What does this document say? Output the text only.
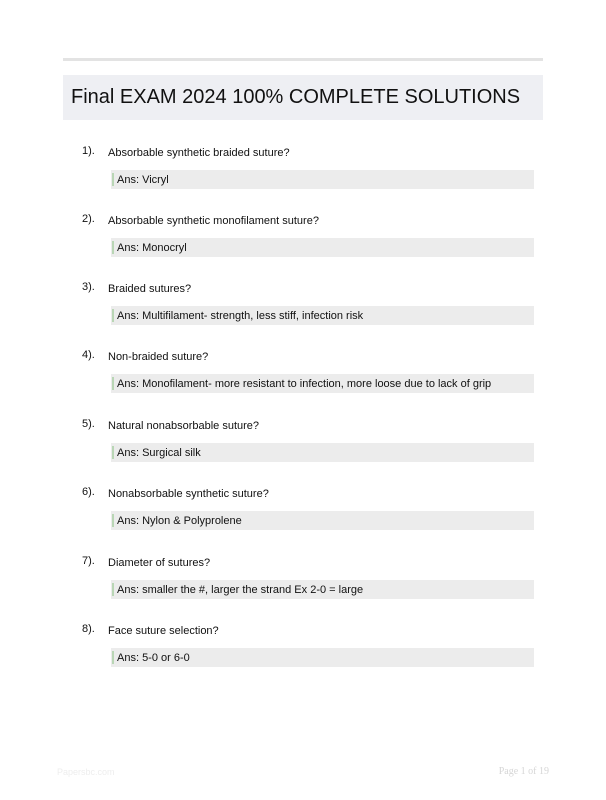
Final EXAM 2024 100% COMPLETE SOLUTIONS
1). Absorbable synthetic braided suture?
Ans: Vicryl
2). Absorbable synthetic monofilament suture?
Ans: Monocryl
3). Braided sutures?
Ans: Multifilament- strength, less stiff, infection risk
4). Non-braided suture?
Ans: Monofilament- more resistant to infection, more loose due to lack of grip
5). Natural nonabsorbable suture?
Ans: Surgical silk
6). Nonabsorbable synthetic suture?
Ans: Nylon & Polyprolene
7). Diameter of sutures?
Ans: smaller the #, larger the strand Ex 2-0 = large
8). Face suture selection?
Ans: 5-0 or 6-0
Papersbc.com	Page 1 of 19
